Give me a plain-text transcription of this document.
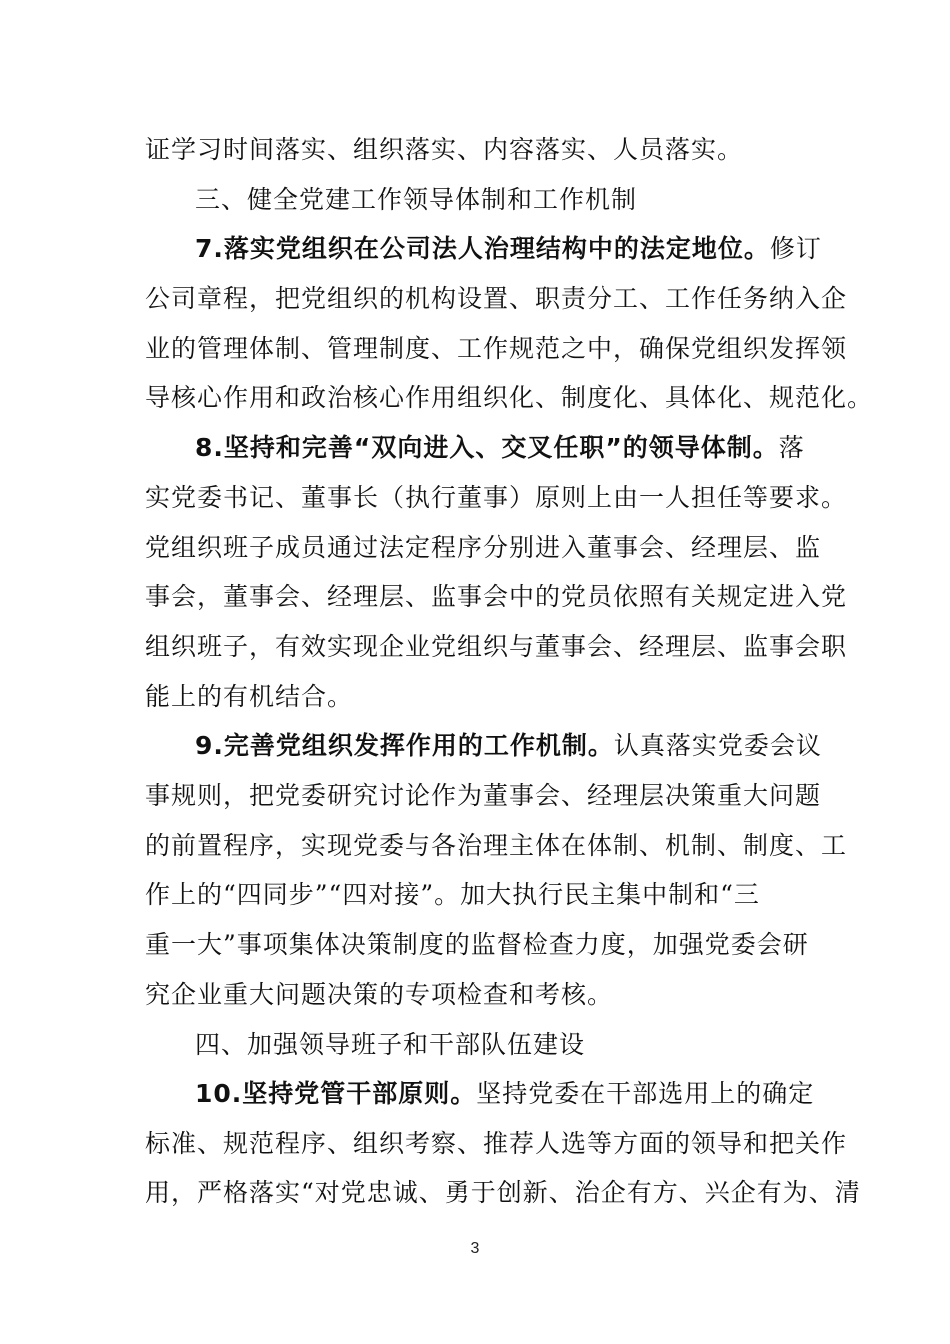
证学习时间落实、组织落实、内容落实、人员落实。
三、健全党建工作领导体制和工作机制
7.落实党组织在公司法人治理结构中的法定地位。修订
公司章程，把党组织的机构设置、职责分工、工作任务纳入企
业的管理体制、管理制度、工作规范之中，确保党组织发挥领
导核心作用和政治核心作用组织化、制度化、具体化、规范化。
8.坚持和完善“双向进入、交叉任职”的领导体制。落
实党委书记、董事长（执行董事）原则上由一人担任等要求。
党组织班子成员通过法定程序分别进入董事会、经理层、监
事会，董事会、经理层、监事会中的党员依照有关规定进入党
组织班子，有效实现企业党组织与董事会、经理层、监事会职
能上的有机结合。
9.完善党组织发挥作用的工作机制。认真落实党委会议
事规则，把党委研究讨论作为董事会、经理层决策重大问题
的前置程序，实现党委与各治理主体在体制、机制、制度、工
作上的“四同步”“四对接”。加大执行民主集中制和“三
重一大”事项集体决策制度的监督检查力度，加强党委会研
究企业重大问题决策的专项检查和考核。
四、加强领导班子和干部队伍建设
10.坚持党管干部原则。坚持党委在干部选用上的确定
标准、规范程序、组织考察、推荐人选等方面的领导和把关作
用，严格落实“对党忠诚、勇于创新、治企有方、兴企有为、清
3
